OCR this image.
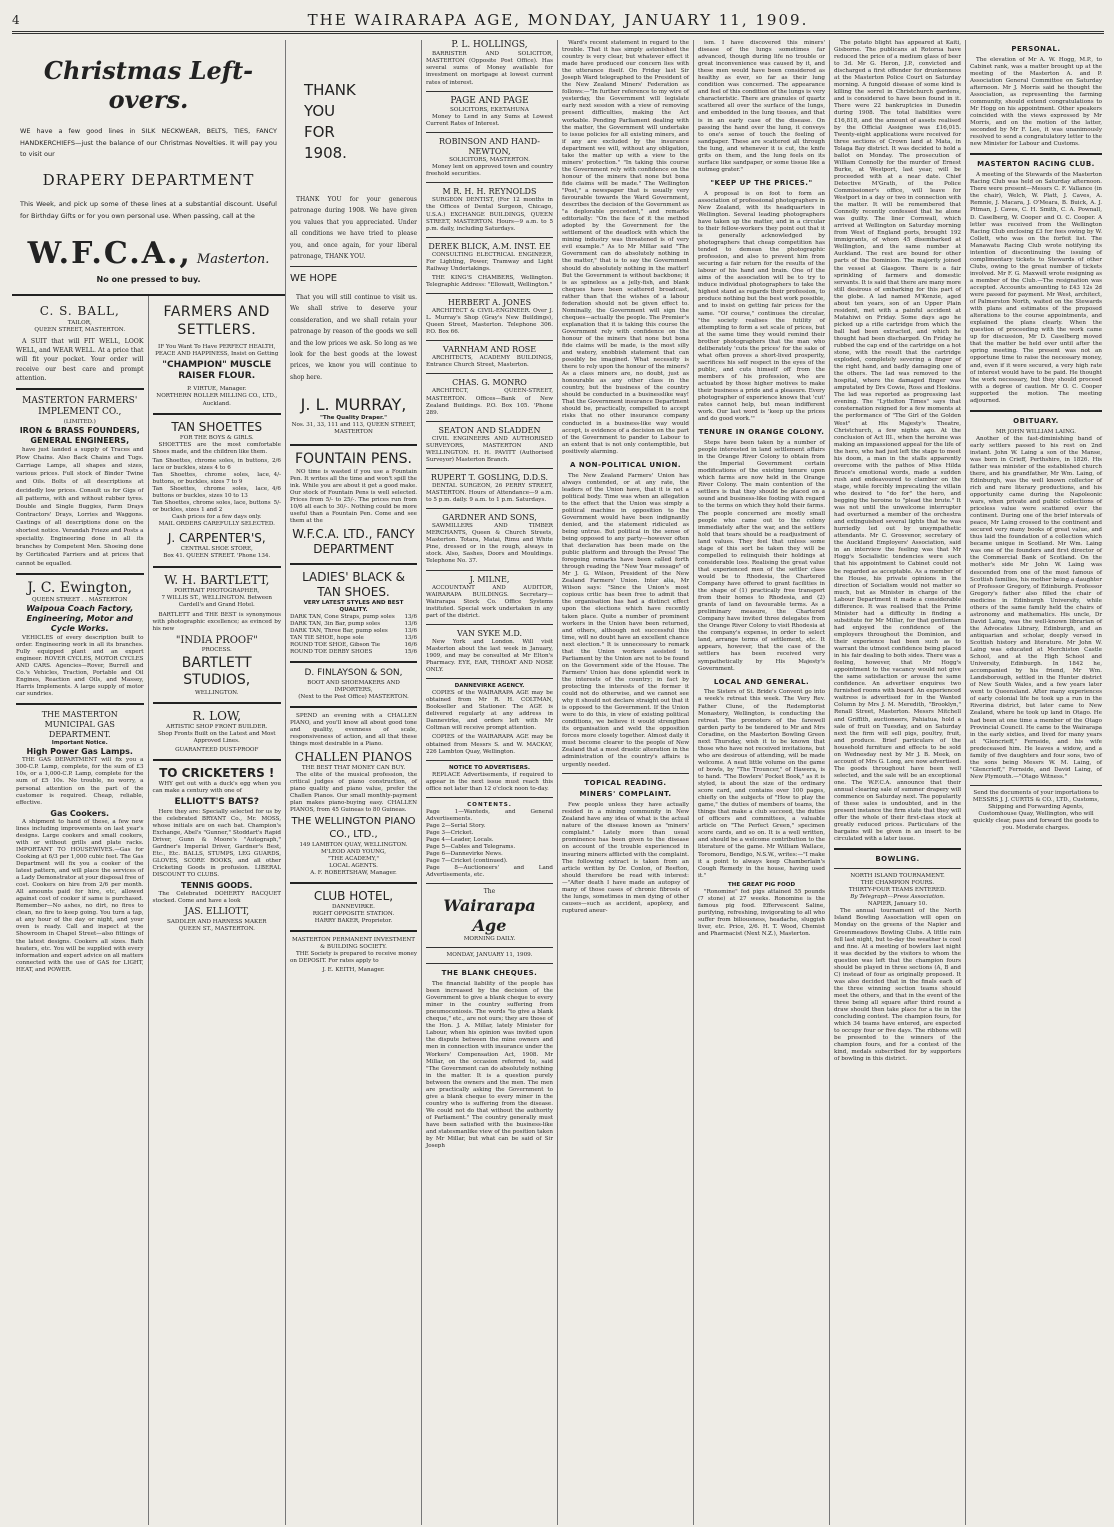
4	THE WAIRARAPA AGE, MONDAY, JANUARY 11, 1909.
Christmas Left-overs.
WE have a few good lines in SILK NECKWEAR, BELTS, TIES, FANCY HANDKERCHIEFS—just the balance of our Christmas Novelties. It will pay you to visit our
DRAPERY DEPARTMENT
This Week, and pick up some of these lines at a substantial discount. Useful for Birthday Gifts or for you own personal use. When passing, call at the
W.F.C.A., Masterton.
No one pressed to buy.
C. S. BALL,
TAILOR,
QUEEN STREET, MASTERTON.

A SUIT that will FIT WELL, LOOK WELL, and WEAR WELL. At a price that will fit your pocket. Your order will receive our best care and prompt attention.

MASTERTON FARMERS' IMPLEMENT CO.,
(LIMITED.)
IRON & BRASS FOUNDERS, GENERAL ENGINEERS,

have just landed a supply of Traces and Plow Chains. Also Back Chains and Tugs. Carriage Lamps, all shapes and sizes, various prices. Full stock of Binder Twine and Oils. Bolts of all descriptions at decidedly low prices. Consult us for Gigs of all patterns, with and without rubber tyres. Double and Single Buggies, Farm Drays Contractors' Drays, Lorries and Waggons. Castings of all descriptions done on the shortest notice. Verandah Frieze and Posts a speciality. Engineering done in all its branches by Competent Men. Shoeing done by Certificated Farriers and at prices that cannot be equalled.

J. C. Ewington,
QUEEN STREET . . MASTERTON
Waipoua Coach Factory, Engineering, Motor and Cycle Works.

VEHICLES of every description built to order. Engineering work in all its branches. Fully equipped plant and an expert engineer. ROVER CYCLES, MOTOR CYCLES AND CARS. Agencies—Rover, Burrell and Co.'s Vehicles, Traction, Portable and Oil Engines, Reaction and Oils, and Massey, Harris Implements. A large supply of motor car sundries.

THE MASTERTON MUNICIPAL GAS DEPARTMENT.
Important Notice.
High Power Gas Lamps.

THE GAS DEPARTMENT will fix you a 300-C.P. Lamp, complete, for the sum of £3 10s, or a 1,000-C.P. Lamp, complete for the sum of £5 10s. No trouble, no worry, a personal attention on the part of the customer is required. Cheap, reliable, effective.

Gas Cookers.

A shipment to hand of these, a few new lines including improvements on last year's designs. Large cookers and small cookers, with or without grills and plate racks. IMPORTANT TO HOUSEWIVES.—Gas for Cooking at 6/3 per 1,000 cubic feet. The Gas Department will fix you a cooker of the latest pattern, and will place the services of a Lady Demonstrator at your disposal free of cost. Cookers on hire from 2/6 per month. All amounts paid for hire, etc, allowed against cost of cooker if same is purchased. Remember—No ashes, no dirt, no fires to clean, no fire to keep going. You turn a tap, at any hour of the day or night, and your oven is ready. Call and inspect at the Showroom in Chapel Street—also fittings of the latest designs. Cookers all sizes. Bath heaters, etc. You will be supplied with every information and expert advice on all matters connected with the use of GAS for LIGHT, HEAT, and POWER.

FARMERS AND SETTLERS.

IF You Want To Have PERFECT HEALTH, PEACE AND HAPPINESS, Insist on Getting

"CHAMPION" MUSCLE RAISER FLOUR.
P. VIRTUE, Manager.
NORTHERN ROLLER MILLING CO., LTD., Auckland.
TAN SHOETTES
FOR THE BOYS & GIRLS.

SHOETTES are the most comfortable Shoes made, and the children like them.

Tan Shoettes, chrome soles, in buttons, lace or buckles, sizes 4 to 6
2/6
Tan Shoettes, chrome soles, lace, buttons, or buckles, sizes 7 to 9
4/-
Tan Shoettes, chrome soles, lace, buttons or buckles, sizes 10 to 13
4/6
Tan Shoettes, chrome soles, lace, buttons or buckles, sizes 1 and 2
5/-
Cash prices for a few days only.
MAIL ORDERS CAREFULLY SELECTED.
J. CARPENTER'S,
CENTRAL SHOE STORE,
Box 41. QUEEN STREET. 'Phone 134.
W. H. BARTLETT,
PORTRAIT PHOTOGRAPHER,
7 WILLIS ST., WELLINGTON. Between Cardell's and Grand Hotel.

BARTLETT and THE BEST is synonymous with photographic excellence; as evinced by his new

"INDIA PROOF"
PROCESS.
BARTLETT STUDIOS,
WELLINGTON.
R. LOW,
ARTISTIC SHOP FRONT BUILDER.

Shop Fronts Built on the Latest and Most Approved Lines.

GUARANTEED DUST-PROOF
TO CRICKETERS !

WHY get out with a duck's egg when you can make a century with one of

ELLIOTT'S BATS?

Here they are: Specially selected for us by the celebrated BRYANT Co., Mr. MOSS, whose initials are on each bat. Champion's Exchange, Abel's "Gunner," Stoddart's Rapid Driver, Gunn & Moore's "Autograph," Gardner's Imperial Driver, Gardner's Best, Etc., Etc. BALLS, STUMPS, LEG GUARDS, GLOVES, SCORE BOOKS, and all other Cricketing Goods in profusion. LIBERAL DISCOUNT TO CLUBS.

TENNIS GOODS.

The Celebrated DOHERTY RACQUET stocked. Come and have a look

JAS. ELLIOTT,
SADDLER AND HARNESS MAKER
QUEEN ST., MASTERTON.
THANK
YOU
FOR
1908.

THANK YOU for your generous patronage during 1908. We have given you values that you appreciated. Under all conditions we have tried to please you, and once again, for your liberal patronage, THANK YOU.

WE HOPE

That you will still continue to visit us. We shall strive to deserve your consideration, and we shall retain your patronage by reason of the goods we sell and the low prices we ask. So long as we look for the best goods at the lowest prices, we know you will continue to shop here.

J. L. MURRAY,
"The Quality Draper."
Nos. 31, 33, 111 and 113, QUEEN STREET, MASTERTON
FOUNTAIN PENS.

NO time is wasted if you use a Fountain Pen. It writes all the time and won't spill the ink. While you are about it get a good make. Our stock of Fountain Pens is well selected. Prices from 5/- to 25/-. The prices run from 10/6 all each to 30/-. Nothing could be more useful than a Fountain Pen. Come and see them at the

W.F.C.A. LTD., FANCY DEPARTMENT
LADIES' BLACK & TAN SHOES.
VERY LATEST STYLES AND BEST QUALITY.
DARK TAN, Cone Straps, pump soles 13/6
DARK TAN, 3in Bar, pump soles	13/6
DARK TAN, Three Bar, pump soles	13/6
TAN TIE SHOE, hope sole	13/6
ROUND TOE SHOE, Gibson Tie	16/6
ROUND TOE DERBY SHOES	15/6
D. FINLAYSON & SON,
BOOT AND SHOEMAKERS AND IMPORTERS,
(Next to the Post Office) MASTERTON.

SPEND an evening with a CHALLEN PIANO, and you'll know all about good tone and quality, evenness of scale, responsiveness of action, and all that these things most desirable in a Piano.

CHALLEN PIANOS
THE BEST THAT MONEY CAN BUY.

The elite of the musical profession, the critical judges of piano construction, of piano quality and piano value, prefer the Challen Pianos. Our small monthly-payment plan makes piano-buying easy. CHALLEN PIANOS, from 45 Guineas to 80 Guineas.

THE WELLINGTON PIANO CO., LTD.,
149 LAMBTON QUAY, WELLINGTON.
M'LEOD AND YOUNG,
"THE ACADEMY,"
LOCAL AGENTS.
A. F. ROBERTSHAW, Manager.
CLUB HOTEL,
DANNEVIRKE.
RIGHT OPPOSITE STATION.
HARRY BAKER, Proprietor.
MASTERTON PERMANENT INVESTMENT & BUILDING SOCIETY.

THE Society is prepared to receive money on DEPOSIT. For rates apply to

J. E. KEITH, Manager.
P. L. HOLLINGS,

BARRISTER AND SOLICITOR, MASTERTON (Opposite Post Office). Has several sums of Money available for investment on mortgage at lowest current rates of interest.

PAGE AND PAGE
SOLICITORS, EKETAHUNA

Money to Lend in any Sums at Lowest Current Rates of Interest.

ROBINSON AND HAND-NEWTON,
SOLICITORS, MASTERTON.

Money lent on approved town and country freehold securities.

M R. H. H. REYNOLDS

SURGEON DENTIST, (For 12 months in the Offices of Dental Surgeon, Chicago, U.S.A.) EXCHANGE BUILDINGS, QUEEN STREET, MASTERTON. Hours—9 a.m. to 5 p.m. daily, including Saturdays.

DEREK BLICK, A.M. INST. EE

CONSULTING ELECTRICAL ENGINEER, For Lighting, Power, Tramway and Light Railway Undertakings.

THE KING'S CHAMBERS, Wellington. Telegraphic Address: "Ellowatt, Wellington."

HERBERT A. JONES

ARCHITECT & CIVIL-ENGINEER. Over J. L. Murray's Shop (Gray's New Buildings), Queen Street, Masterton. Telephone 306. P.O. Box 66.

VARNHAM AND ROSE

ARCHITECTS, ACADEMY BUILDINGS, Entrance Church Street, Masterton.

CHAS. G. MONRO

ARCHITECT, QUEEN-STREET, MASTERTON. Offices—Bank of New Zealand Buildings. P.O. Box 105. 'Phone 289.

SEATON AND SLADDEN

CIVIL ENGINEERS AND AUTHORISED SURVEYORS, MASTERTON AND WELLINGTON. H. H. PAVITT (Authorised Surveyor) Masterton Branch.

RUPERT T. GOSLING, D.D.S.

DENTAL SURGEON, 26 PERRY STREET, MASTERTON. Hours of Attendance—9 a.m. to 5 p.m. daily. 9 a.m. to 1 p.m. Saturdays.

GARDNER AND SONS,

SAWMILLERS AND TIMBER MERCHANTS, Queen & Church Streets, Masterton. Totara, Matai, Rimu and White Pine, dressed or in the rough, always in stock. Also, Sashes, Doors and Mouldings. Telephone No. 37.

J. MILNE,

ACCOUNTANT AND AUDITOR, WAIRARAPA BUILDINGS. Secretary—Wairarapa Stock Co. Office Systems instituted. Special work undertaken in any part of the district.

VAN SYKE M.D.

New York and London. Will visit Masterton about the last week in January, 1909, and may be consulted at Mr Elton's Pharmacy. EYE, EAR, THROAT AND NOSE ONLY.

DANNEVIRKE AGENCY.

COPIES of the WAIRARAPA AGE may be obtained from Mr R. H. COLTMAN, Bookseller and Stationer. The AGE is delivered regularly at any address in Dannevirke, and orders left with Mr Coltman will receive prompt attention.

COPIES of the WAIRARAPA AGE may be obtained from Messrs S. and W. MACKAY, 226 Lambton Quay, Wellington.

NOTICE TO ADVERTISERS.

REPLACE Advertisements, if required to appear in the next issue must reach this office not later than 12 o'clock noon to-day.

CONTENTS.
Page 1—Wanteds, and General Advertisements.
Page 2—Serial Story.
Page 3—Cricket.
Page 4—Leader, Locals.
Page 5—Cables and Telegrams.
Page 6—Dannevirke News.
Page 7—Cricket (continued).
Page 8—Auctioneers' and Land Advertisements, etc.
The
Wairarapa Age
MORNING DAILY.
MONDAY, JANUARY 11, 1909.
THE BLANK CHEQUES.

The financial liability of the people has been increased by the decision of the Government to give a blank cheque to every miner in the country suffering from pneumoconiosis. The words "to give a blank cheque," etc., are not ours; they are those of the Hon. J. A. Millar, lately Minister for Labour, when his opinion was invited upon the dispute between the mine owners and men in connection with insurance under the Workers' Compensation Act, 1908. Mr Millar, on the occasion referred to, said "The Government can do absolutely nothing in the matter. It is a question purely between the owners and the men. The men are practically asking the Government to give a blank cheque to every miner in the country who is suffering from the disease. We could not do that without the authority of Parliament." The country generally must have been satisfied with the business-like and statesmanlike view of the position taken by Mr Millar, but what can be said of Sir Joseph

Ward's recent statement in regard to the trouble. That it has simply astonished the country is very clear, but whatever effect it made have produced our concern lies with the utterance itself. On Friday last Sir Joseph Ward telegraphed to the President of the New Zealand Miners' Federation as follows:—"In further reference to my wire of yesterday, the Government will legislate early next session with a view of removing present difficulties, making the Act workable. Pending Parliament dealing with the matter, the Government will undertake to issue policies for all existing miners, and if any are excluded by the insurance department we will, without any obligation, take the matter up with a view to the miners' protection." "In taking this course the Government rely with confidence on the honour of the miners that none but bona fide claims will be made." The Wellington "Post," a newspaper that is usually very favourable towards the Ward Government, describes the decision of the Government as "a deplorable precedent," and remarks editorially: "On the face of it the method adopted by the Government for the settlement of the deadlock with which the mining industry was threatened is of very evil example." As to Mr Millar said "The Government can do absolutely nothing in the matter," that is to say the Government should do absolutely nothing in the matter! But the Government is without backbone; it is as spineless as a jelly-fish, and blank cheques have been scattered broadcast, rather than that the wishes of a labour federation should not be given effect to. Nominally, the Government will sign the cheques—actually the people. The Premier's explanation that it is taking this course the Government rely with confidence on the honour of the miners that none but bona fide claims will be made, is the most silly and watery, snobbish statement that can possibly be imagined. What necessity is there to rely upon the honour of the miners? As a class miners are, no doubt, just as honourable as any other class in the country, but the business of the country should be conducted in a businesslike way! That the Government insurance Department should be, practically, compelled to accept risks that no other insurance company conducted in a business-like way would accept, is evidence of a decision on the part of the Government to pander to Labour to an extent that is not only contemptible, but positively alarming.

A NON-POLITICAL UNION.

The New Zealand Farmers' Union has always contended, or at any rate, the leaders of the Union have, that it is not a political body. Time was when an allegation to the effect that the Union was simply a political machine in opposition to the Government would have been indignantly denied, and the statement ridiculed as being untrue. But political in the sense of being opposed to any party—however often that declaration has been made on the public platform and through the Press! The foregoing remarks have been called forth through reading the "New Year message" of Mr J. G. Wilson, President of the New Zealand Farmers' Union. Inter alia, Mr Wilson says: "Since the Union's most copious critic has been free to admit that the organisation has had a distinct effect upon the elections which have recently taken place. Quite a number of prominent workers in the Union have been returned, and others, although not successful this time, will no doubt have an excellent chance next election." It is unnecessary to remark that the Union workers assisted to Parliament by the Union are not to be found on the Government side of the House. The Farmers' Union has done splendid work in the interests of the country; in fact by protecting the interests of the former it could not do otherwise, and we cannot see why it should not declare straight out that it is opposed to the Government. If the Union were to do this, in view of existing political conditions, we believe it would strengthen its organisation and weld the opposition forces more closely together. Almost daily it must become clearer to the people of New Zealand that a most drastic alteration in the administration of the country's affairs is urgently needed.

TOPICAL READING.
MINERS' COMPLAINT.

Few people unless they have actually resided in a mining community in New Zealand have any idea of what is the actual nature of the disease known as "miners' complaint." Lately more than usual prominence has been given to the disease on account of the trouble experienced in insuring miners afflicted with the complaint. The following extract is taken from an article written by Dr. Conlon, of Reefton, should therefore be read with interest:—"After death I have made an autopsy of many of those cases of chronic fibrosis of the lungs, sometimes in men dying of other causes—such as accident, apoplexy, and ruptured aneur-

ism. I have discovered this miners' disease of the lungs sometimes far advanced, though during life no trouble or great inconvenience was caused by it, and these men would have been considered as healthy as ever, so far as their lung condition was concerned. The appearance and feel of this condition of the lungs is very characteristic. There are granules of quartz scattered all over the surface of the lungs, and embedded in the lung tissues, and that is in an early case of the disease. On passing the hand over the lung, it conveys to one's sense of touch the feeling of sandpaper. These are scattered all through the lung, and whenever it is cut, the knife grits on them, and the lung feels on its surface like sandpaper, or some tissue like a nutmeg grater."

"KEEP UP THE PRICES."

A proposal is on foot to form an association of professional photographers in New Zealand, with its headquarters in Wellington. Several leading photographers have taken up the matter, and in a circular to their fellow-workers they point out that it is generally acknowledged by photographers that cheap competition has tended to demean the photographic profession, and also to prevent him from securing a fair return for the results of the labour of his hand and brain. One of the aims of the association will be to try to induce individual photographers to take the highest stand as regards their profession, to produce nothing but the best work possible, and to insist on getting fair prices for the same. "Of course," continues the circular, "the society realises the futility of attempting to form a set scale of prices, but at the same time they would remind their brother photographers that the man who deliberately 'cuts the prices' for the sake of what often proves a short-lived prosperity, sacrifices his self respect in the eyes of the public, and cuts himself off from the members of his profession, who are actuated by those higher motives to make their business a pride and a pleasure. Every photographer of experience knows that 'cut' rates cannot help, but mean indifferent work. Our last word is 'keep up the prices and do good work.'"

TENURE IN ORANGE COLONY.

Steps have been taken by a number of people interested in land settlement affairs in the Orange River Colony to obtain from the Imperial Government certain modifications of the existing tenure upon which farms are now held in the Orange River Colony. The main contention of the settlers is that they should be placed on a sound and business-like footing with regard to the terms on which they hold their farms. The people concerned are mostly small people who came out to the colony immediately after the war, and the settlers hold that tears should be a readjustment of land values. They feel that unless some stage of this sort be taken they will be compelled to relinquish their holdings at considerable loss. Realising the great value that experienced men of the settler class would be to Rhodesia, the Chartered Company have offered to grant facilities in the shape of (1) practically free transport from their homes to Rhodesia, and (2) grants of land on favourable terms. As a preliminary measure, the Chartered Company have invited three delegates from the Orange River Colony to visit Rhodesia at the company's expense, in order to select land, arrange terms of settlement, etc. It appears, however, that the case of the settlers has been received very sympathetically by His Majesty's Government.

LOCAL AND GENERAL.

The Sisters of St. Bride's Convent go into a week's retreat this week. The Very Rev. Father Clune, of the Redemptorist Monastery, Wellington, is conducting the retreat. The promoters of the farewell garden party to be tendered to Mr and Mrs Coradine, on the Masterton Bowling Green next Thursday, wish it to be known that those who have not received invitations, but who are desirous of attending, will be made welcome. A neat little volume on the game of bowls, by "The Trouncer," of Hawera, is to hand. "The Bowlers' Pocket Book," as it is styled, is about the size of the ordinary score card, and contains over 100 pages, chiefly on the subjects of "How to play the game," the duties of members of teams, the things that make a club succeed, the duties of officers and committees, a valuable article on "The Perfect Green," specimen score cards, and so on. It is a well written, and should be a welcome contribution to the literature of the game. Mr William Wallace, Toromoru, Bendigo, N.S.W., writes:—"I make it a point to always keep Chamberlain's Cough Remedy in the house, having used it."

THE GREAT PIG FOOD

"Ronomine" fed pigs attained 55 pounds (7 stone) at 27 weeks. Ronomine is the famous pig food. Effervescent Saline, purifying, refreshing, invigorating to all who suffer from biliousness, headache, sluggish liver, etc. Price, 2/6. H. T. Wood, Chemist and Pharmacist (Next N.Z.), Masterton.

The potato blight has appeared at Kaiti, Gisborne. The publicans at Rotorua have reduced the price of a medium glass of beer to 3d. Mr G. Heron, J.P., convicted and discharged a first offender for drunkenness at the Masterton Police Court on Saturday morning. A fungoid disease of some kind is killing the sorrel in Christchurch gardens, and is considered to have been found in it. There were 22 bankruptcies in Dunedin during 1908. The total liabilities were £16,818, and the amount of assets realised by the Official Assignee was £16,015. Twenty-eight applications were received for three sections of Crown land at Mata, in Tolaga Bay district. It was decided to hold a ballot on Monday. The prosecution of William Connolly for the murder of Ernest Burke, at Westport, last year, will be proceeded with at a near date. Chief Detective M'Grath, of the Police Commissioner's office, will leave for Westport in a day or two in connection with the matter. It will be remembered that Connolly recently confessed that he alone was guilty. The liner Cornwall, which arrived at Wellington on Saturday morning from West of England ports, brought 192 immigrants, of whom 45 disembarked at Wellington, and the same number at Auckland. The rest are bound for other parts of the Dominion. The majority joined the vessel at Glasgow. There is a fair sprinkling of farmers and domestic servants. It is said that there are many more still desirous of embarking for this part of the globe. A lad named M'Kenzie, aged about ten years, son of an Upper Plain resident, met with a painful accident at Matahiwi on Friday. Some days ago he picked up a rifle cartridge from which the ball had been extracted, and which he thought had been discharged. On Friday he rubbed the cap end of the cartridge on a hot stone, with the result that the cartridge exploded, completely severing a finger of the right hand, and badly damaging one of the others. The lad was removed to the hospital, where the damaged finger was amputated by Drs Cowie, Ross and Hoskins. The lad was reported as progressing last evening. The "Lyttelton Times" says that consternation reigned for a few moments at the performance of "The Girl of the Golden West" at His Majesty's Theatre, Christchurch, a few nights ago. At the conclusion of Act III., when the heroine was making an impassioned appeal for the life of the hero, who had just left the stage to meet his doom, a man in the stalls apparently overcome with the pathos of Miss Hilda Bruce's emotional words, made a sudden rush and endeavoured to clamber on the stage, while forcibly imprecating the villain who desired to "do for" the hero, and begging the heroine to "plead the brute." It was not until the unwelcome interrupter had overturned a member of the orchestra and extinguished several lights that he was hurriedly led out by unsympathetic attendants. Mr C. Grosvenor, secretary of the Auckland Employers' Association, said in an interview the feeling was that Mr Hogg's Socialistic tendencies were such that his appointment to Cabinet could not be regarded as acceptable. As a member of the House, his private opinions in the direction of Socialism would not matter so much, but as Minister in charge of the Labour Department it made a considerable difference. It was realised that the Prime Minister had a difficulty in finding a substitute for Mr Millar, for that gentleman had enjoyed the confidence of the employers throughout the Dominion, and their experience had been such as to warrant the utmost confidence being placed in his fair dealing to both sides. There was a feeling, however, that Mr Hogg's appointment to the vacancy would not give the same satisfaction or arouse the same confidence. An advertiser enquires two furnished rooms with board. An experienced waitress is advertised for in the Wanted Column by Mrs J. M. Meredith, "Brooklyn," Renall Street, Masterton. Messrs Mitchell and Griffith, auctioneers, Pahiatua, hold a sale of fruit on Tuesday, and on Saturday next the firm will sell pigs, poultry, fruit, and produce. Brief particulars of the household furniture and effects to be sold on Wednesday next by Mr J. B. Meek, on account of Mrs G. Long, are now advertised. The goods throughout have been well selected, and the sale will be an exceptional one. The W.F.C.A. announce that their annual clearing sale of summer drapery will commence on Saturday next. The popularity of these sales is undoubted, and in the present instance the firm state that they will offer the whole of their first-class stock at greatly reduced prices. Particulars of the bargains will be given in an insert to be circulated with a later issue.

BOWLING.
NORTH ISLAND TOURNAMENT.
THE CHAMPION FOURS.
THIRTY-FOUR TEAMS ENTERED.
By Telegraph—Press Association.
NAPIER, January 10.

The annual tournament of the North Island Bowling Association will open on Monday on the greens of the Napier and Greenmeadows Bowling Clubs. A little rain fell last night, but to-day the weather is cool and fine. At a meeting of bowlers last night it was decided by the visitors to whom the question was left that the champion fours should be played in three sections (A, B and C) instead of four as originally proposed. It was also decided that in the finals each of the three winning section teams should meet the others, and that in the event of the three being all square after third round a draw should then take place for a tie in the concluding contest. The champion fours, for which 34 teams have entered, are expected to occupy four or five days. The ribbons will be presented to the winners of the champion fours, and for a contest of the kind, medals subscribed for by supporters of bowling in this district.

PERSONAL.

The elevation of Mr A. W. Hogg, M.P., to Cabinet rank, was a matter brought up at the meeting of the Masterton A. and P. Association General Committee on Saturday afternoon. Mr J. Morris said he thought the Association, as representing the farming community, should extend congratulations to Mr Hogg on his appointment. Other speakers coincided with the views expressed by Mr Morris, and on the motion of the latter, seconded by Mr F. Lee, it was unanimously resolved to send a congratulatory letter to the new Minister for Labour and Customs.

MASTERTON RACING CLUB.

A meeting of the Stewards of the Masterton Racing Club was held on Saturday afternoon. There were present—Messrs C. F. Vallance (in the chair), Welch, W. Platt, J. Caves, A. Remnie, J. Macara, J. O'Meara, B. Buick, A. J. Pitman, J. Caves, C. H. Smith, C. A. Pownall, D. Caselberg, W. Cooper and O. C. Cooper. A letter was received from the Wellington Racing Club enclosing £3 for fees owing by W. Collett, who was on the forfeit list. The Manawatu Racing Club wrote notifying its intention of discontinuing the issuing of complimentary tickets to Stewards of other Clubs, owing to the great number of tickets involved. Mr F. G. Maxwell wrote resigning as a member of the Club.—The resignation was accepted. Accounts amounting to £43 12s 2d were passed for payment. Mr West, architect, of Palmerston North, waited on the Stewards with plans and estimates of the proposed alterations to the course appointments, and explained the plans clearly. When the question of proceeding with the work came up for discussion, Mr D. Caselberg moved that the matter be held over until after the spring meeting. The present was not an opportune time to raise the necessary money, and, even if it were secured, a very high rate of interest would have to be paid. He thought the work necessary, but they should proceed with a degree of caution. Mr O. C. Cooper supported the motion. The meeting adjourned.

OBITUARY.
MR JOHN WILLIAM LAING.

Another of the fast-diminishing band of early settlers passed to his rest on 2nd instant. John W. Laing a son of the Manse, was born in Crieff, Perthshire, in 1826. His father was minister of the established church there, and his grandfather, Mr Wm. Laing, of Edinburgh, was the well known collector of rich and rare literary productions, and his opportunity came during the Napoleonic wars, when private and public collections of priceless value were scattered over the continent. During one of the brief intervals of peace, Mr Laing crossed to the continent and secured very many books of great value, and thus laid the foundation of a collection which became unique in Scotland. Mr Wm. Laing was one of the founders and first director of the Commercial Bank of Scotland. On the mother's side Mr John W. Laing was descended from one of the most famous of Scottish families, his mother being a daughter of Professor Gregory, of Edinburgh. Professor Gregory's father also filled the chair of medicine in Edinburgh University, while others of the same family held the chairs of astronomy and mathematics. His uncle, Dr David Laing, was the well-known librarian of the Advocates Library, Edinburgh, and an antiquarian and scholar, deeply versed in Scottish history and literature. Mr John W. Laing was educated at Merchiston Castle School, and at the High School and University, Edinburgh. In 1842 he, accompanied by his friend, Mr Wm. Landsborough, settled in the Hunter district of New South Wales, and a few years later went to Queensland. After many experiences of early colonial life he took up a run in the Riverina district, but later came to New Zealand, where he took up land in Otago. He had been at one time a member of the Otago Provincial Council. He came to the Wairarapa in the early sixties, and lived for many years at "Glencrieff," Fernside, and his wife predeceased him. He leaves a widow, and a family of five daughters and four sons, two of the sons being Messrs W. M. Laing, of "Glencrieff," Fernside, and David Laing, of New Plymouth.—"Otago Witness."

Send the documents of your importations to MESSRS J. J. CURTIS & CO., LTD., Customs, Shipping and Forwarding Agents, Customhouse Quay, Wellington, who will quickly clear, pass and forward the goods to you. Moderate charges.
